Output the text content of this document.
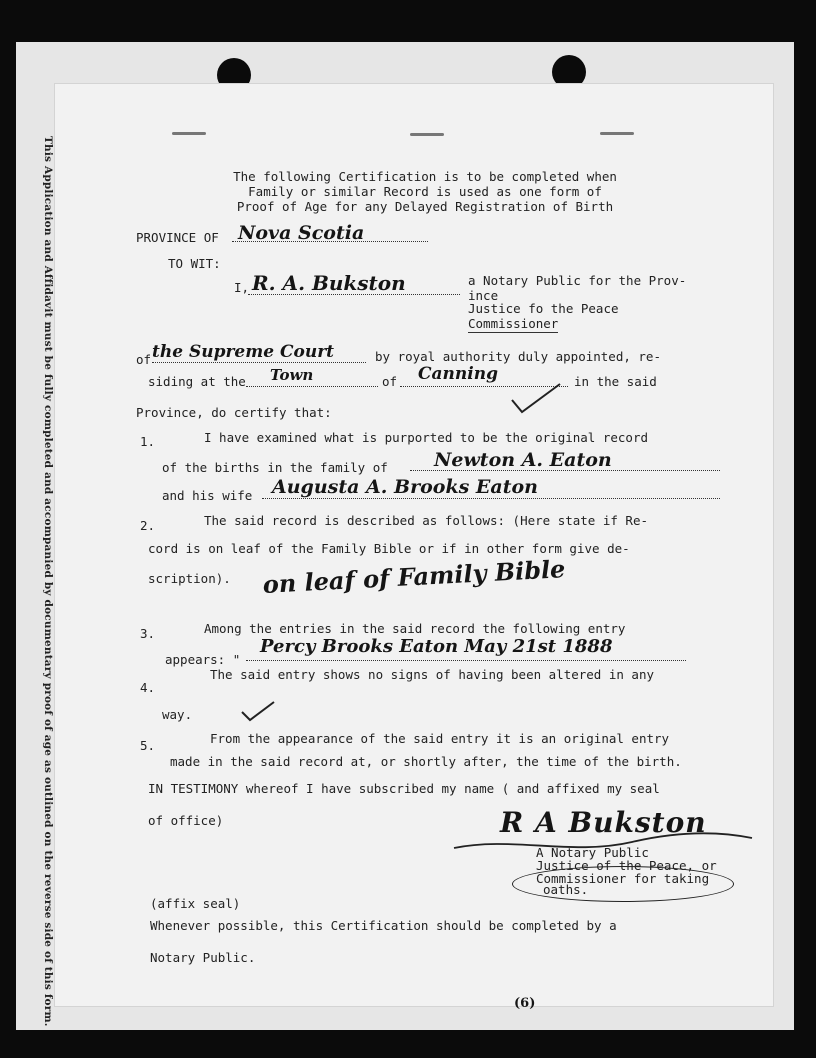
This Application and Affidavit must be fully completed and accompanied by documentary proof of age as outlined on the reverse side of this form.	The following Certification is to be completed when
Family or similar Record is used as one form of
Proof of Age for any Delayed Registration of Birth
PROVINCE OF Nova Scotia
TO WIT:
I, R. A. Bukston	a Notary Public for the Prov-
ince
Justice fo the Peace
Commissioner
of the Supreme Court	by royal authority duly appointed, re-
siding at the Town	of Canning	in the said
Province, do certify that:
1.	I have examined what is purported to be the original record
of the births in the family of Newton A. Eaton
and his wife Augusta A. Brooks Eaton
2.	The said record is described as follows: (Here state if Re-
cord is on leaf of the Family Bible or if in other form give de-
scription). on leaf of Family Bible
3.	Among the entries in the said record the following entry
appears: "
Percy Brooks Eaton May 21st 1888
4.
The said entry shows no signs of having been altered in any
way.
5.	From the appearance of the said entry it is an original entry
made in the said record at, or shortly after, the time of the birth.
IN TESTIMONY whereof I have subscribed my name ( and affixed my seal
of office)	R A Bukston
A Notary Public
Justice of the Peace, or
Commissioner for taking
oaths.
(affix seal)
Whenever possible, this Certification should be completed by a
Notary Public.
(6)
